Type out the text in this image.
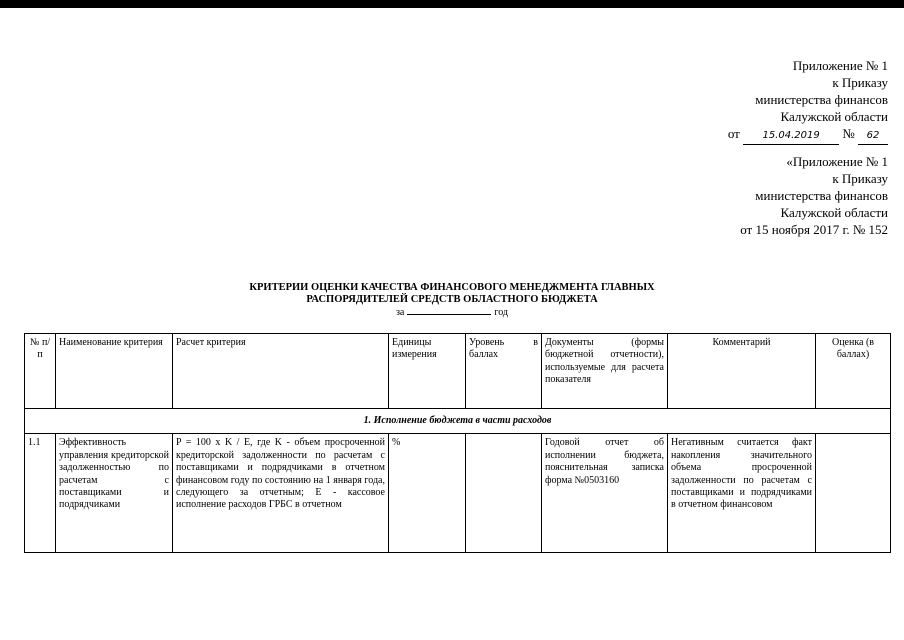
Приложение № 1
к Приказу
министерства финансов
Калужской области
от 15.04.2019 № 62
«Приложение № 1
к Приказу
министерства финансов
Калужской области
от 15 ноября 2017 г. № 152
КРИТЕРИИ ОЦЕНКИ КАЧЕСТВА ФИНАНСОВОГО МЕНЕДЖМЕНТА ГЛАВНЫХ
РАСПОРЯДИТЕЛЕЙ СРЕДСТВ ОБЛАСТНОГО БЮДЖЕТА
за	год
№ п/п	Наименование критерия	Расчет критерия	Единицы измерения	Уровень в баллах	Документы (формы бюджетной отчетности), используемые для расчета показателя	Комментарий	Оценка (в баллах)
1. Исполнение бюджета в части расходов							
1.1	Эффективность управления кредиторской задолженностью по расчетам с поставщиками и подрядчиками	P = 100 x K / E, где K - объем просроченной кредиторской задолженности по расчетам с поставщиками и подрядчиками в отчетном финансовом году по состоянию на 1 января года, следующего за отчетным; E - кассовое исполнение расходов ГРБС в отчетном	%		Годовой отчет об исполнении бюджета, пояснительная записка форма №0503160	Негативным считается факт накопления значительного объема просроченной задолженности по расчетам с поставщиками и подрядчиками в отчетном финансовом	
